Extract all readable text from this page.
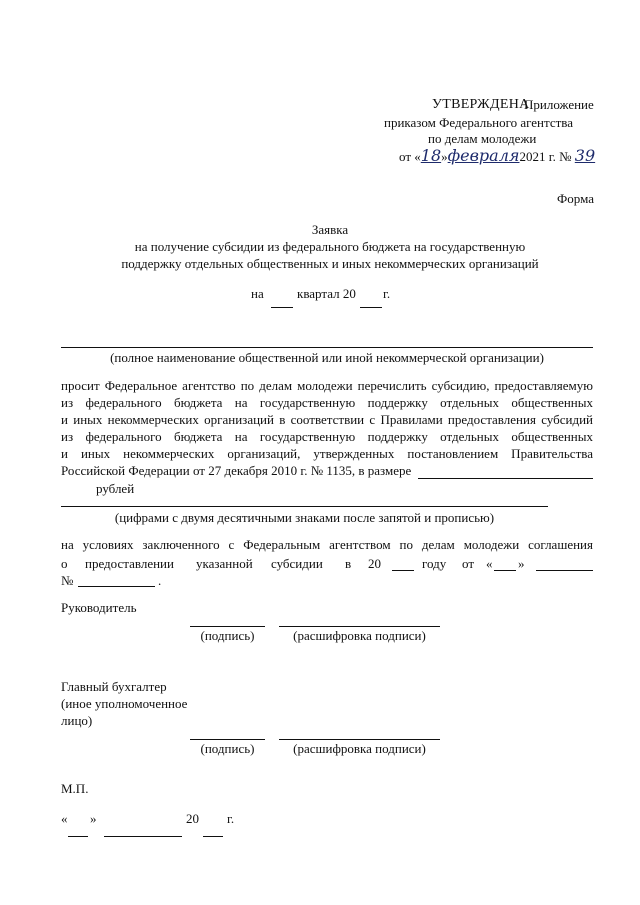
Приложение
УТВЕРЖДЕНА
приказом Федерального агентства
по делам молодежи
от «18»февраля2021 г. № 39
Форма
Заявка
на получение субсидии из федерального бюджета на государственную
поддержку отдельных общественных и иных некоммерческих организаций
на	квартал 20 г.
(полное наименование общественной или иной некоммерческой организации)
просит Федеральное агентство по делам молодежи перечислить субсидию, предоставляемую
из федерального бюджета на государственную поддержку отдельных общественных
и иных некоммерческих организаций в соответствии с Правилами предоставления субсидий
из федерального бюджета на государственную поддержку отдельных общественных
и иных некоммерческих организаций, утвержденных постановлением Правительства
Российской Федерации от 27 декабря 2010 г. № 1135, в размере
рублей
(цифрами с двумя десятичными знаками после запятой и прописью)
на условиях заключенного с Федеральным агентством по делам молодежи соглашения
о предоставлении указанной субсидии в 20	году от « »
№	.
Руководитель
(подпись)	(расшифровка подписи)
Главный бухгалтер
(иное уполномоченное
лицо)
(подпись)	(расшифровка подписи)
М.П.
« »	20 г.
